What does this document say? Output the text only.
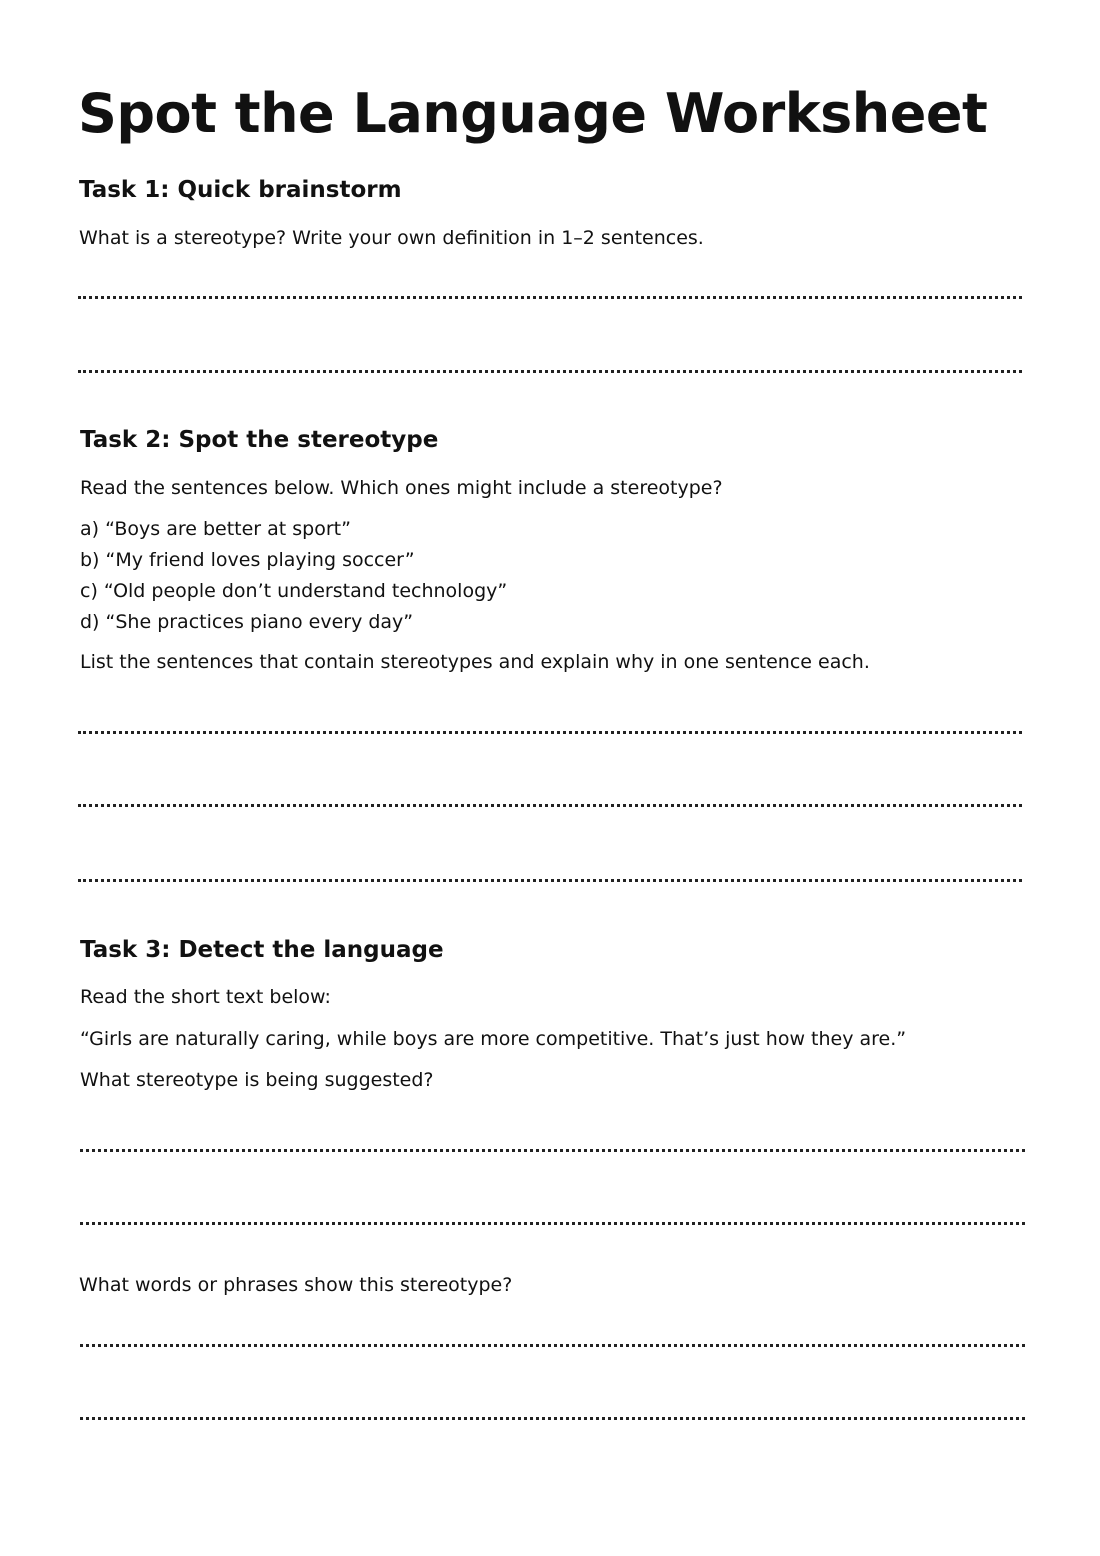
Spot the Language Worksheet
Task 1: Quick brainstorm

What is a stereotype? Write your own definition in 1–2 sentences.

Task 2: Spot the stereotype

Read the sentences below. Which ones might include a stereotype?

a) “Boys are better at sport”
b) “My friend loves playing soccer”
c) “Old people don’t understand technology”
d) “She practices piano every day”

List the sentences that contain stereotypes and explain why in one sentence each.

Task 3: Detect the language

Read the short text below:

“Girls are naturally caring, while boys are more competitive. That’s just how they are.”

What stereotype is being suggested?

What words or phrases show this stereotype?
